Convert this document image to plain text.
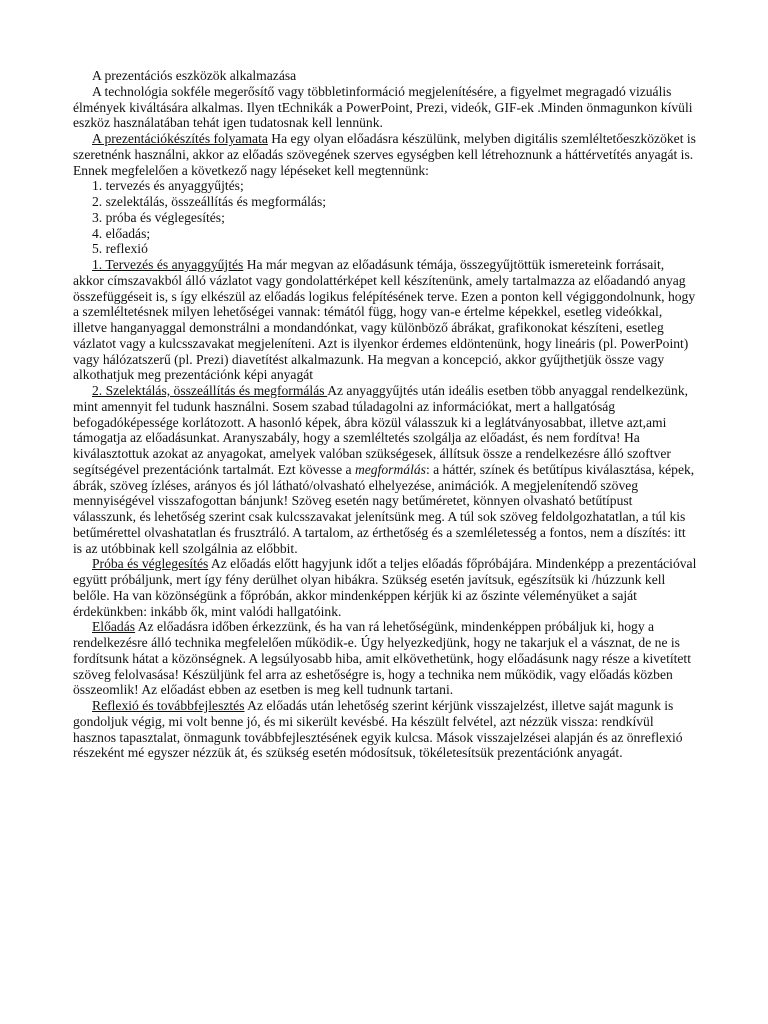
A prezentációs eszközök alkalmazása

A technológia sokféle megerősítő vagy többletinformáció megjelenítésére, a figyelmet megragadó vizuális élmények kiváltására alkalmas. Ilyen tEchnikák a PowerPoint, Prezi, videók, GIF-ek .Minden önmagunkon kívüli eszköz használatában tehát igen tudatosnak kell lennünk.

A prezentációkészítés folyamata Ha egy olyan előadásra készülünk, melyben digitális szemléltetőeszközöket is szeretnénk használni, akkor az előadás szövegének szerves egységben kell létrehoznunk a háttérvetítés anyagát is. Ennek megfelelően a következő nagy lépéseket kell megtennünk:

1. tervezés és anyaggyűjtés;

2. szelektálás, összeállítás és megformálás;

3. próba és véglegesítés;

4. előadás;

5. reflexió

1. Tervezés és anyaggyűjtés Ha már megvan az előadásunk témája, összegyűjtöttük ismereteink forrásait, akkor címszavakból álló vázlatot vagy gondolattérképet kell készítenünk, amely tartalmazza az előadandó anyag összefüggéseit is, s így elkészül az előadás logikus felépítésének terve. Ezen a ponton kell végiggondolnunk, hogy a szemléltetésnek milyen lehetőségei vannak: témától függ, hogy van-e értelme képekkel, esetleg videókkal, illetve hanganyaggal demonstrálni a mondandónkat, vagy különböző ábrákat, grafikonokat készíteni, esetleg vázlatot vagy a kulcsszavakat megjeleníteni. Azt is ilyenkor érdemes eldöntenünk, hogy lineáris (pl. PowerPoint) vagy hálózatszerű (pl. Prezi) diavetítést alkalmazunk. Ha megvan a koncepció, akkor gyűjthetjük össze vagy alkothatjuk meg prezentációnk képi anyagát

2. Szelektálás, összeállítás és megformálás Az anyaggyűjtés után ideális esetben több anyaggal rendelkezünk, mint amennyit fel tudunk használni. Sosem szabad túladagolni az információkat, mert a hallgatóság befogadóképessége korlátozott. A hasonló képek, ábra közül válasszuk ki a leglátványosabbat, illetve azt,ami támogatja az előadásunkat. Aranyszabály, hogy a szemléltetés szolgálja az előadást, és nem fordítva! Ha kiválasztottuk azokat az anyagokat, amelyek valóban szükségesek, állítsuk össze a rendelkezésre álló szoftver segítségével prezentációnk tartalmát. Ezt kövesse a megformálás: a háttér, színek és betűtípus kiválasztása, képek, ábrák, szöveg ízléses, arányos és jól látható/olvasható elhelyezése, animációk. A megjelenítendő szöveg mennyiségével visszafogottan bánjunk! Szöveg esetén nagy betűméretet, könnyen olvasható betűtípust válasszunk, és lehetőség szerint csak kulcsszavakat jelenítsünk meg. A túl sok szöveg feldolgozhatatlan, a túl kis betűmérettel olvashatatlan és frusztráló. A tartalom, az érthetőség és a szemléletesség a fontos, nem a díszítés: itt is az utóbbinak kell szolgálnia az előbbit.

Próba és véglegesítés Az előadás előtt hagyjunk időt a teljes előadás főpróbájára. Mindenképp a prezentációval együtt próbáljunk, mert így fény derülhet olyan hibákra. Szükség esetén javítsuk, egészítsük ki /húzzunk kell belőle. Ha van közönségünk a főpróbán, akkor mindenképpen kérjük ki az őszinte véleményüket a saját érdekünkben: inkább ők, mint valódi hallgatóink.

Előadás Az előadásra időben érkezzünk, és ha van rá lehetőségünk, mindenképpen próbáljuk ki, hogy a rendelkezésre álló technika megfelelően működik-e. Úgy helyezkedjünk, hogy ne takarjuk el a vásznat, de ne is fordítsunk hátat a közönségnek. A legsúlyosabb hiba, amit elkövethetünk, hogy előadásunk nagy része a kivetített szöveg felolvasása! Készüljünk fel arra az eshetőségre is, hogy a technika nem működik, vagy előadás közben összeomlik! Az előadást ebben az esetben is meg kell tudnunk tartani.

Reflexió és továbbfejlesztés Az előadás után lehetőség szerint kérjünk visszajelzést, illetve saját magunk is gondoljuk végig, mi volt benne jó, és mi sikerült kevésbé. Ha készült felvétel, azt nézzük vissza: rendkívül hasznos tapasztalat, önmagunk továbbfejlesztésének egyik kulcsa. Mások visszajelzései alapján és az önreflexió részeként mé egyszer nézzük át, és szükség esetén módosítsuk, tökéletesítsük prezentációnk anyagát.
